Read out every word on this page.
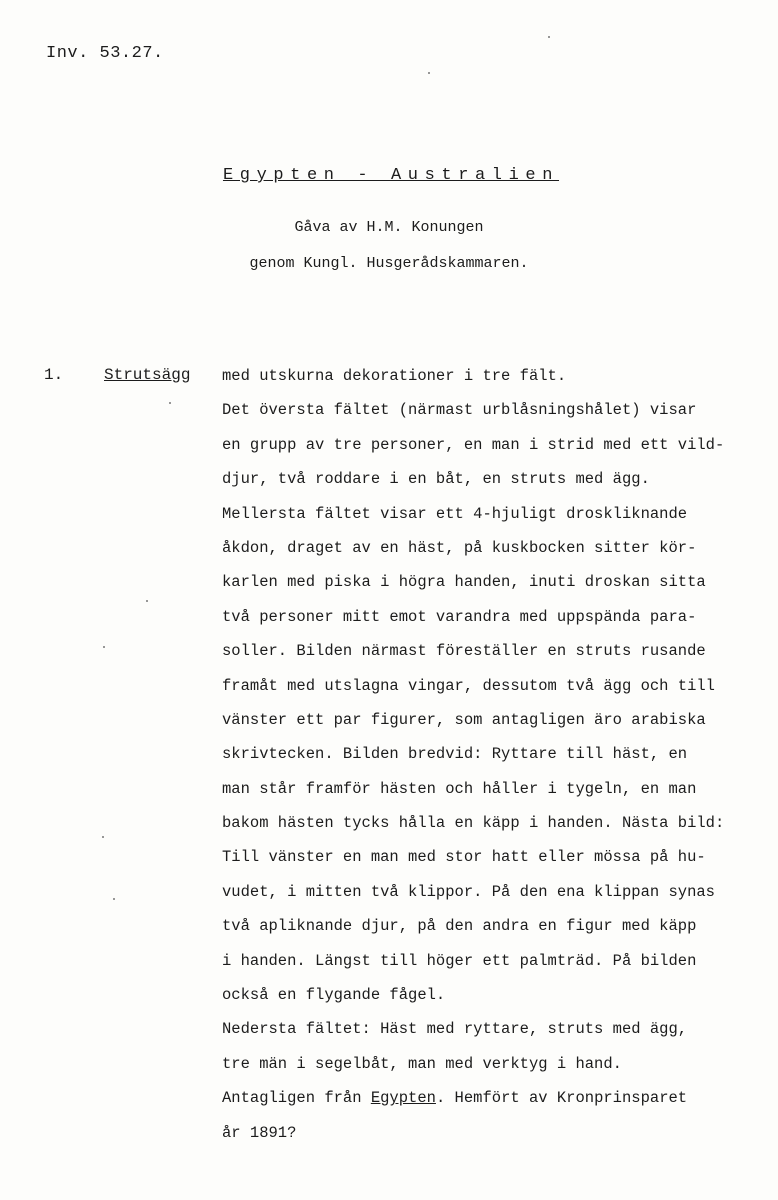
Inv. 53.27.
Egypten - Australien
Gåva av H.M. Konungen
genom Kungl. Husgerådskammaren.
1.	Strutsägg med utskurna dekorationer i tre fält.
Det översta fältet (närmast urblåsningshålet) visar
en grupp av tre personer, en man i strid med ett vild-
djur, två roddare i en båt, en struts med ägg.
Mellersta fältet visar ett 4-hjuligt droskliknande
åkdon, draget av en häst, på kuskbocken sitter kör-
karlen med piska i högra handen, inuti droskan sitta
två personer mitt emot varandra med uppspända para-
soller. Bilden närmast föreställer en struts rusande
framåt med utslagna vingar, dessutom två ägg och till
vänster ett par figurer, som antagligen äro arabiska
skrivtecken. Bilden bredvid: Ryttare till häst, en
man står framför hästen och håller i tygeln, en man
bakom hästen tycks hålla en käpp i handen. Nästa bild:
Till vänster en man med stor hatt eller mössa på hu-
vudet, i mitten två klippor. På den ena klippan synas
två apliknande djur, på den andra en figur med käpp
i handen. Längst till höger ett palmträd. På bilden
också en flygande fågel.
Nedersta fältet: Häst med ryttare, struts med ägg,
tre män i segelbåt, man med verktyg i hand.
Antagligen från Egypten. Hemfört av Kronprinsparet
år 1891?
